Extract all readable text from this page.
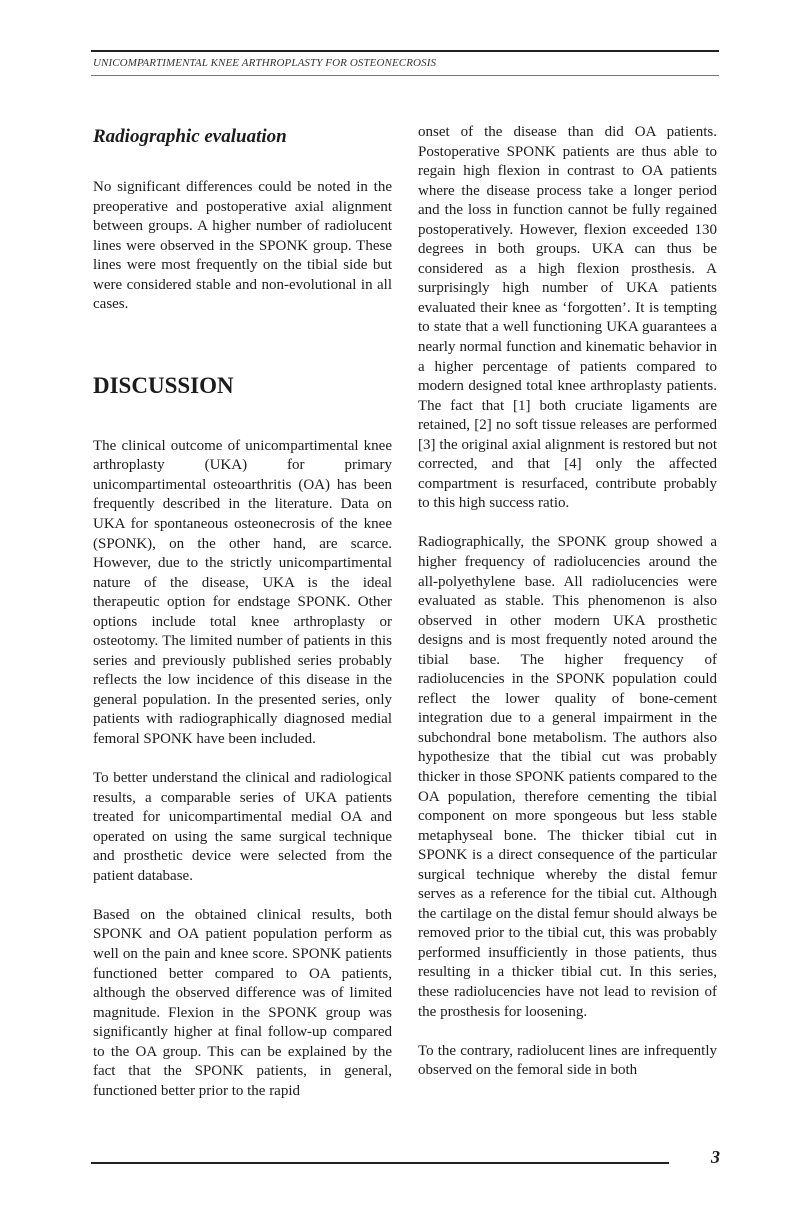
UNICOMPARTIMENTAL KNEE ARTHROPLASTY FOR OSTEONECROSIS
Radiographic evaluation

No significant differences could be noted in the preoperative and postoperative axial alignment between groups. A higher number of radiolucent lines were observed in the SPONK group. These lines were most frequently on the tibial side but were considered stable and non-evolutional in all cases.

DISCUSSION

The clinical outcome of unicompartimental knee arthroplasty (UKA) for primary unicompartimental osteoarthritis (OA) has been frequently described in the literature. Data on UKA for spontaneous osteonecrosis of the knee (SPONK), on the other hand, are scarce. However, due to the strictly unicompartimental nature of the disease, UKA is the ideal therapeutic option for endstage SPONK. Other options include total knee arthroplasty or osteotomy. The limited number of patients in this series and previously published series probably reflects the low incidence of this disease in the general population. In the presented series, only patients with radiographically diagnosed medial femoral SPONK have been included.

To better understand the clinical and radiological results, a comparable series of UKA patients treated for unicompartimental medial OA and operated on using the same surgical technique and prosthetic device were selected from the patient database.

Based on the obtained clinical results, both SPONK and OA patient population perform as well on the pain and knee score. SPONK patients functioned better compared to OA patients, although the observed difference was of limited magnitude. Flexion in the SPONK group was significantly higher at final follow-up compared to the OA group. This can be explained by the fact that the SPONK patients, in general, functioned better prior to the rapid

onset of the disease than did OA patients. Postoperative SPONK patients are thus able to regain high flexion in contrast to OA patients where the disease process take a longer period and the loss in function cannot be fully regained postoperatively. However, flexion exceeded 130 degrees in both groups. UKA can thus be considered as a high flexion prosthesis. A surprisingly high number of UKA patients evaluated their knee as ‘forgotten’. It is tempting to state that a well functioning UKA guarantees a nearly normal function and kinematic behavior in a higher percentage of patients compared to modern designed total knee arthroplasty patients. The fact that [1] both cruciate ligaments are retained, [2] no soft tissue releases are performed [3] the original axial alignment is restored but not corrected, and that [4] only the affected compartment is resurfaced, contribute probably to this high success ratio.

Radiographically, the SPONK group showed a higher frequency of radiolucencies around the all-polyethylene base. All radiolucencies were evaluated as stable. This phenomenon is also observed in other modern UKA prosthetic designs and is most frequently noted around the tibial base. The higher frequency of radiolucencies in the SPONK population could reflect the lower quality of bone-cement integration due to a general impairment in the subchondral bone metabolism. The authors also hypothesize that the tibial cut was probably thicker in those SPONK patients compared to the OA population, therefore cementing the tibial component on more spongeous but less stable metaphyseal bone. The thicker tibial cut in SPONK is a direct consequence of the particular surgical technique whereby the distal femur serves as a reference for the tibial cut. Although the cartilage on the distal femur should always be removed prior to the tibial cut, this was probably performed insufficiently in those patients, thus resulting in a thicker tibial cut. In this series, these radiolucencies have not lead to revision of the prosthesis for loosening.

To the contrary, radiolucent lines are infrequently observed on the femoral side in both

3
